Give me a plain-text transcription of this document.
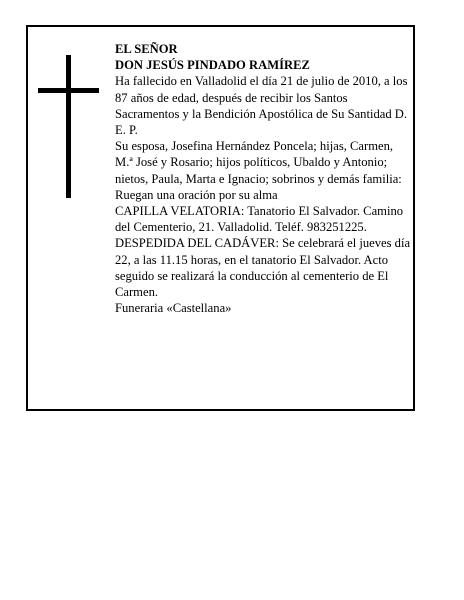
EL SEÑOR

DON JESÚS PINDADO RAMÍREZ

Ha fallecido en Valladolid el día 21 de julio de 2010, a los 87 años de edad, después de recibir los Santos Sacramentos y la Bendición Apostólica de Su Santidad D. E. P.

Su esposa, Josefina Hernández Poncela; hijas, Carmen, M.ª José y Rosario; hijos políticos, Ubaldo y Antonio; nietos, Paula, Marta e Ignacio; sobrinos y demás familia:

Ruegan una oración por su alma

CAPILLA VELATORIA: Tanatorio El Salvador. Camino del Cementerio, 21. Valladolid. Teléf. 983251225.

DESPEDIDA DEL CADÁVER: Se celebrará el jueves día 22, a las 11.15 horas, en el tanatorio El Salvador. Acto seguido se realizará la conducción al cementerio de El Carmen.

Funeraria «Castellana»
